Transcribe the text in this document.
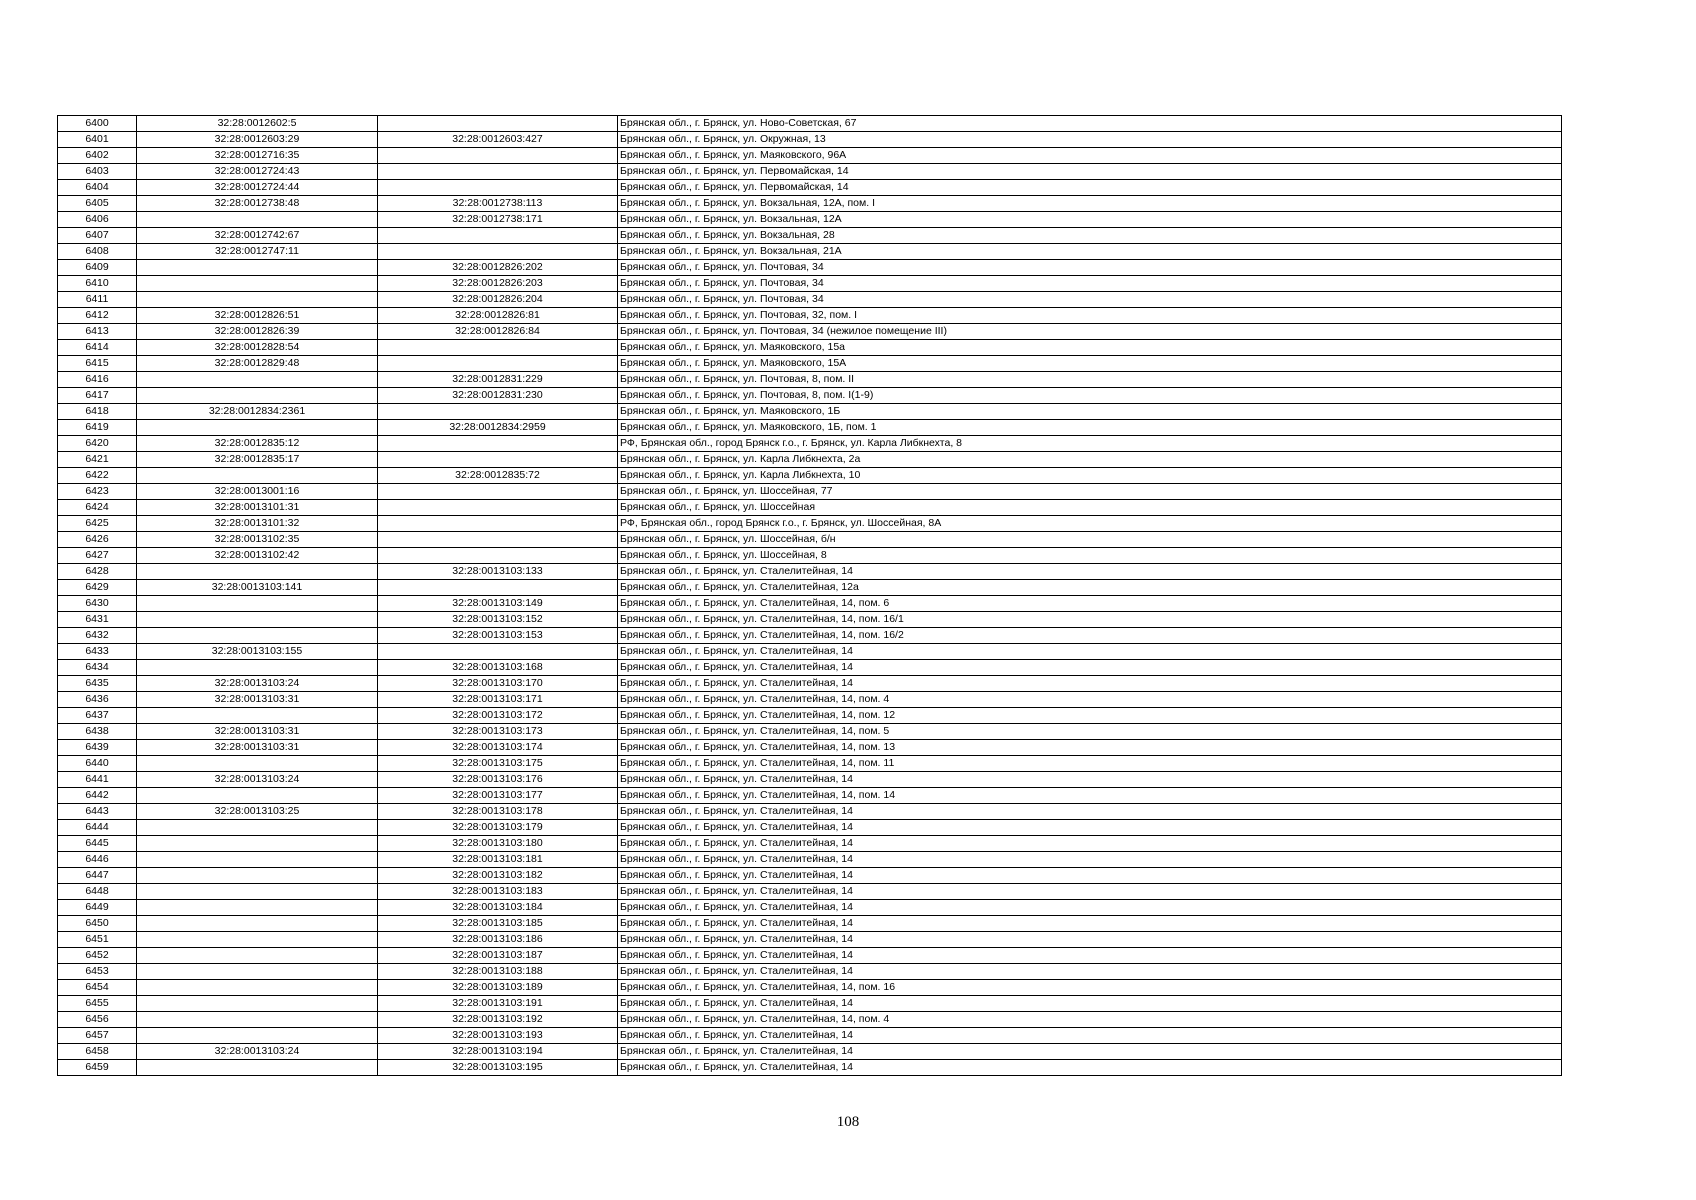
6400	32:28:0012602:5		Брянская обл., г. Брянск, ул. Ново-Советская, 67
6401	32:28:0012603:29	32:28:0012603:427	Брянская обл., г. Брянск, ул. Окружная, 13
6402	32:28:0012716:35		Брянская обл., г. Брянск, ул. Маяковского, 96А
6403	32:28:0012724:43		Брянская обл., г. Брянск, ул. Первомайская, 14
6404	32:28:0012724:44		Брянская обл., г. Брянск, ул. Первомайская, 14
6405	32:28:0012738:48	32:28:0012738:113	Брянская обл., г. Брянск, ул. Вокзальная, 12А, пом. I
6406		32:28:0012738:171	Брянская обл., г. Брянск, ул. Вокзальная, 12А
6407	32:28:0012742:67		Брянская обл., г. Брянск, ул. Вокзальная, 28
6408	32:28:0012747:11		Брянская обл., г. Брянск, ул. Вокзальная, 21А
6409		32:28:0012826:202	Брянская обл., г. Брянск, ул. Почтовая, 34
6410		32:28:0012826:203	Брянская обл., г. Брянск, ул. Почтовая, 34
6411		32:28:0012826:204	Брянская обл., г. Брянск, ул. Почтовая, 34
6412	32:28:0012826:51	32:28:0012826:81	Брянская обл., г. Брянск, ул. Почтовая, 32, пом. I
6413	32:28:0012826:39	32:28:0012826:84	Брянская обл., г. Брянск, ул. Почтовая, 34 (нежилое помещение III)
6414	32:28:0012828:54		Брянская обл., г. Брянск, ул. Маяковского, 15а
6415	32:28:0012829:48		Брянская обл., г. Брянск, ул. Маяковского, 15А
6416		32:28:0012831:229	Брянская обл., г. Брянск, ул. Почтовая, 8, пом. II
6417		32:28:0012831:230	Брянская обл., г. Брянск, ул. Почтовая, 8, пом. I(1-9)
6418	32:28:0012834:2361		Брянская обл., г. Брянск, ул. Маяковского, 1Б
6419		32:28:0012834:2959	Брянская обл., г. Брянск, ул. Маяковского, 1Б, пом. 1
6420	32:28:0012835:12		РФ, Брянская обл., город Брянск г.о., г. Брянск, ул. Карла Либкнехта, 8
6421	32:28:0012835:17		Брянская обл., г. Брянск, ул. Карла Либкнехта, 2а
6422		32:28:0012835:72	Брянская обл., г. Брянск, ул. Карла Либкнехта, 10
6423	32:28:0013001:16		Брянская обл., г. Брянск, ул. Шоссейная, 77
6424	32:28:0013101:31		Брянская обл., г. Брянск, ул. Шоссейная
6425	32:28:0013101:32		РФ, Брянская обл., город Брянск г.о., г. Брянск, ул. Шоссейная, 8А
6426	32:28:0013102:35		Брянская обл., г. Брянск, ул. Шоссейная, б/н
6427	32:28:0013102:42		Брянская обл., г. Брянск, ул. Шоссейная, 8
6428		32:28:0013103:133	Брянская обл., г. Брянск, ул. Сталелитейная, 14
6429	32:28:0013103:141		Брянская обл., г. Брянск, ул. Сталелитейная, 12а
6430		32:28:0013103:149	Брянская обл., г. Брянск, ул. Сталелитейная, 14, пом. 6
6431		32:28:0013103:152	Брянская обл., г. Брянск, ул. Сталелитейная, 14, пом. 16/1
6432		32:28:0013103:153	Брянская обл., г. Брянск, ул. Сталелитейная, 14, пом. 16/2
6433	32:28:0013103:155		Брянская обл., г. Брянск, ул. Сталелитейная, 14
6434		32:28:0013103:168	Брянская обл., г. Брянск, ул. Сталелитейная, 14
6435	32:28:0013103:24	32:28:0013103:170	Брянская обл., г. Брянск, ул. Сталелитейная, 14
6436	32:28:0013103:31	32:28:0013103:171	Брянская обл., г. Брянск, ул. Сталелитейная, 14, пом. 4
6437		32:28:0013103:172	Брянская обл., г. Брянск, ул. Сталелитейная, 14, пом. 12
6438	32:28:0013103:31	32:28:0013103:173	Брянская обл., г. Брянск, ул. Сталелитейная, 14, пом. 5
6439	32:28:0013103:31	32:28:0013103:174	Брянская обл., г. Брянск, ул. Сталелитейная, 14, пом. 13
6440		32:28:0013103:175	Брянская обл., г. Брянск, ул. Сталелитейная, 14, пом. 11
6441	32:28:0013103:24	32:28:0013103:176	Брянская обл., г. Брянск, ул. Сталелитейная, 14
6442		32:28:0013103:177	Брянская обл., г. Брянск, ул. Сталелитейная, 14, пом. 14
6443	32:28:0013103:25	32:28:0013103:178	Брянская обл., г. Брянск, ул. Сталелитейная, 14
6444		32:28:0013103:179	Брянская обл., г. Брянск, ул. Сталелитейная, 14
6445		32:28:0013103:180	Брянская обл., г. Брянск, ул. Сталелитейная, 14
6446		32:28:0013103:181	Брянская обл., г. Брянск, ул. Сталелитейная, 14
6447		32:28:0013103:182	Брянская обл., г. Брянск, ул. Сталелитейная, 14
6448		32:28:0013103:183	Брянская обл., г. Брянск, ул. Сталелитейная, 14
6449		32:28:0013103:184	Брянская обл., г. Брянск, ул. Сталелитейная, 14
6450		32:28:0013103:185	Брянская обл., г. Брянск, ул. Сталелитейная, 14
6451		32:28:0013103:186	Брянская обл., г. Брянск, ул. Сталелитейная, 14
6452		32:28:0013103:187	Брянская обл., г. Брянск, ул. Сталелитейная, 14
6453		32:28:0013103:188	Брянская обл., г. Брянск, ул. Сталелитейная, 14
6454		32:28:0013103:189	Брянская обл., г. Брянск, ул. Сталелитейная, 14, пом. 16
6455		32:28:0013103:191	Брянская обл., г. Брянск, ул. Сталелитейная, 14
6456		32:28:0013103:192	Брянская обл., г. Брянск, ул. Сталелитейная, 14, пом. 4
6457		32:28:0013103:193	Брянская обл., г. Брянск, ул. Сталелитейная, 14
6458	32:28:0013103:24	32:28:0013103:194	Брянская обл., г. Брянск, ул. Сталелитейная, 14
6459		32:28:0013103:195	Брянская обл., г. Брянск, ул. Сталелитейная, 14
108
